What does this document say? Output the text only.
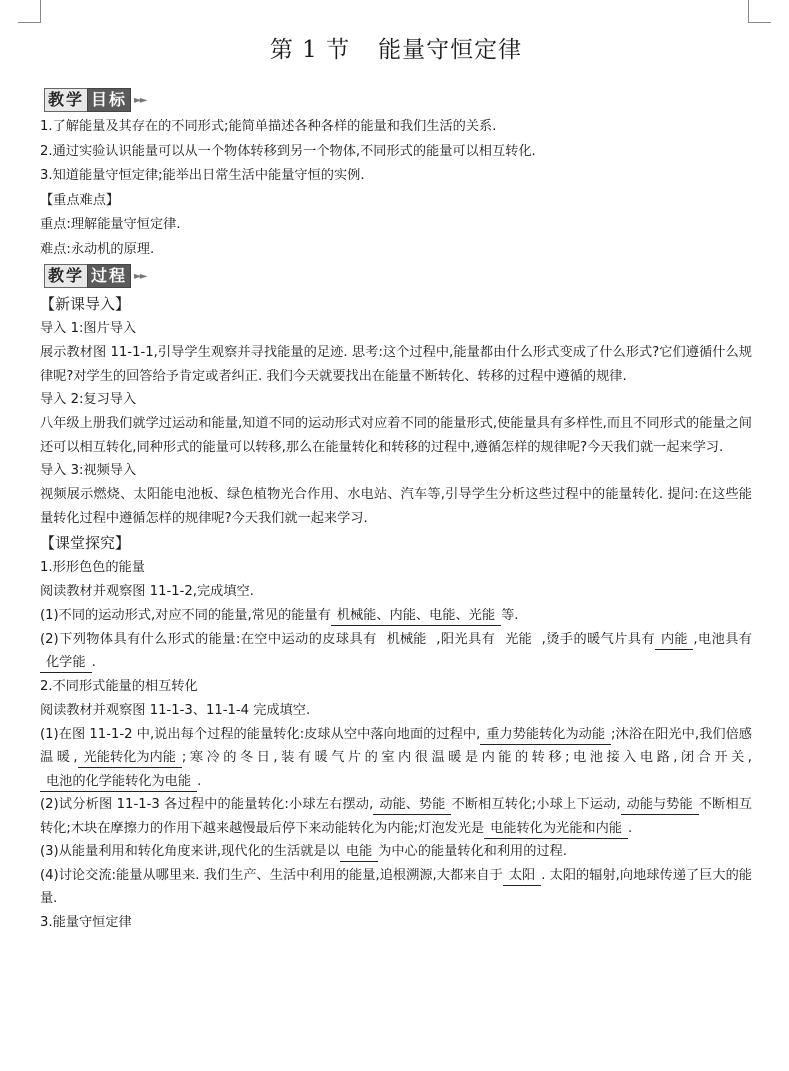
第 1 节 能量守恒定律
教学 目标 ►►
1.了解能量及其存在的不同形式;能简单描述各种各样的能量和我们生活的关系.
2.通过实验认识能量可以从一个物体转移到另一个物体,不同形式的能量可以相互转化.
3.知道能量守恒定律;能举出日常生活中能量守恒的实例.
【重点难点】
重点:理解能量守恒定律.
难点:永动机的原理.
教学 过程 ►►
【新课导入】
导入 1:图片导入
展示教材图 11-1-1,引导学生观察并寻找能量的足迹. 思考:这个过程中,能量都由什么形式变成了什么形式?它们遵循什么规律呢?对学生的回答给予肯定或者纠正. 我们今天就要找出在能量不断转化、转移的过程中遵循的规律.
导入 2:复习导入
八年级上册我们就学过运动和能量,知道不同的运动形式对应着不同的能量形式,使能量具有多样性,而且不同形式的能量之间还可以相互转化,同种形式的能量可以转移,那么在能量转化和转移的过程中,遵循怎样的规律呢?今天我们就一起来学习.
导入 3:视频导入
视频展示燃烧、太阳能电池板、绿色植物光合作用、水电站、汽车等,引导学生分析这些过程中的能量转化. 提问:在这些能量转化过程中遵循怎样的规律呢?今天我们就一起来学习.
【课堂探究】
1.形形色色的能量
阅读教材并观察图 11-1-2,完成填空.
(1)不同的运动形式,对应不同的能量,常见的能量有 机械能、内能、电能、光能 等.
(2)下列物体具有什么形式的能量:在空中运动的皮球具有 机械能 ,阳光具有 光能 ,烫手的暖气片具有 内能 ,电池具有化学能 .
2.不同形式能量的相互转化
阅读教材并观察图 11-1-3、11-1-4 完成填空.
(1)在图 11-1-2 中,说出每个过程的能量转化:皮球从空中落向地面的过程中, 重力势能转化为动能 ;沐浴在阳光中,我们倍感温暖, 光能转化为内能 ;寒冷的冬日,装有暖气片的室内很温暖是内能的转移;电池接入电路,闭合开关,电池的化学能转化为电能 .
(2)试分析图 11-1-3 各过程中的能量转化:小球左右摆动, 动能、势能 不断相互转化;小球上下运动, 动能与势能 不断相互转化;木块在摩擦力的作用下越来越慢最后停下来动能转化为内能;灯泡发光是 电能转化为光能和内能 .
(3)从能量利用和转化角度来讲,现代化的生活就是以 电能 为中心的能量转化和利用的过程.
(4)讨论交流:能量从哪里来. 我们生产、生活中利用的能量,追根溯源,大都来自于 太阳 . 太阳的辐射,向地球传递了巨大的能量.
3.能量守恒定律
